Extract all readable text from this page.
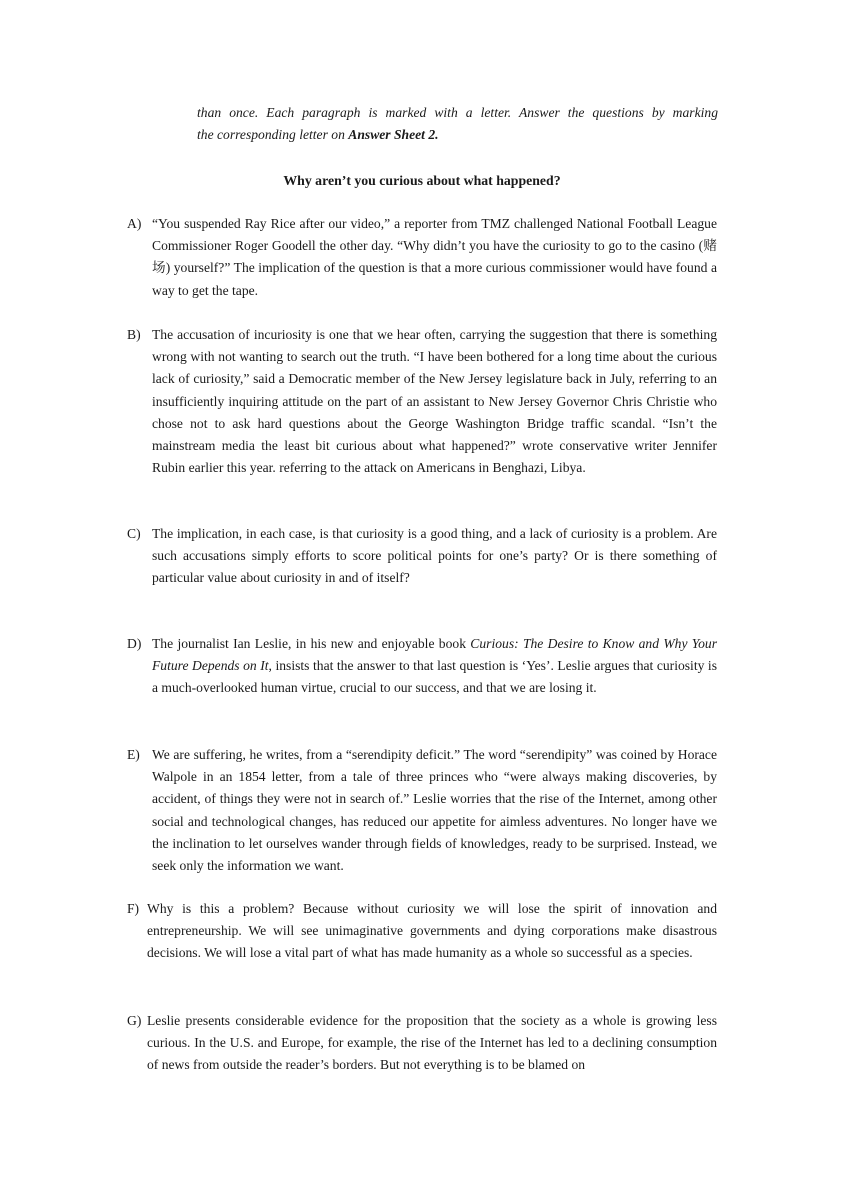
than once. Each paragraph is marked with a letter. Answer the questions by marking
the corresponding letter on Answer Sheet 2.
Why aren’t you curious about what happened?
A) “You suspended Ray Rice after our video,” a reporter from TMZ challenged National Football League Commissioner Roger Goodell the other day. “Why didn’t you have the curiosity to go to the casino (赌场) yourself?” The implication of the question is that a more curious commissioner would have found a way to get the tape.
B) The accusation of incuriosity is one that we hear often, carrying the suggestion that there is something wrong with not wanting to search out the truth. “I have been bothered for a long time about the curious lack of curiosity,” said a Democratic member of the New Jersey legislature back in July, referring to an insufficiently inquiring attitude on the part of an assistant to New Jersey Governor Chris Christie who chose not to ask hard questions about the George Washington Bridge traffic scandal. “Isn’t the mainstream media the least bit curious about what happened?” wrote conservative writer Jennifer Rubin earlier this year. referring to the attack on Americans in Benghazi, Libya.
C) The implication, in each case, is that curiosity is a good thing, and a lack of curiosity is a problem. Are such accusations simply efforts to score political points for one’s party? Or is there something of particular value about curiosity in and of itself?
D) The journalist Ian Leslie, in his new and enjoyable book Curious: The Desire to Know and Why Your Future Depends on It, insists that the answer to that last question is ‘Yes’. Leslie argues that curiosity is a much-overlooked human virtue, crucial to our success, and that we are losing it.
E) We are suffering, he writes, from a “serendipity deficit.” The word “serendipity” was coined by Horace Walpole in an 1854 letter, from a tale of three princes who “were always making discoveries, by accident, of things they were not in search of.” Leslie worries that the rise of the Internet, among other social and technological changes, has reduced our appetite for aimless adventures. No longer have we the inclination to let ourselves wander through fields of knowledges, ready to be surprised. Instead, we seek only the information we want.
F) Why is this a problem? Because without curiosity we will lose the spirit of innovation and entrepreneurship. We will see unimaginative governments and dying corporations make disastrous decisions. We will lose a vital part of what has made humanity as a whole so successful as a species.
G) Leslie presents considerable evidence for the proposition that the society as a whole is growing less curious. In the U.S. and Europe, for example, the rise of the Internet has led to a declining consumption of news from outside the reader’s borders. But not everything is to be blamed on
